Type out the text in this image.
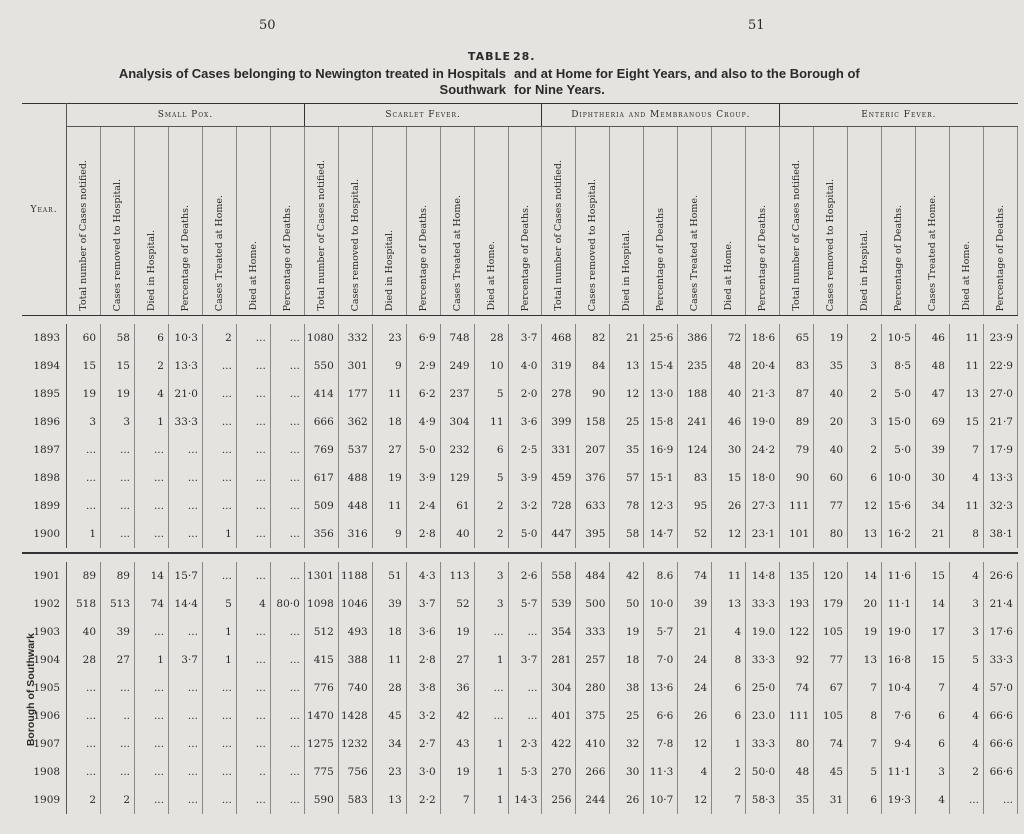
50	51
TABLE 28.
Analysis of Cases belonging to Newington treated in Hospitals
Southwark
and at Home for Eight Years, and also to the Borough of
for Nine Years.
Year.	Small Pox.							Scarlet Fever.							Diphtheria and Membranous Croup.							Enteric Fever.						
	Total number of Cases notified.	Cases removed to Hospital.	Died in Hospital.	Percentage of Deaths.	Cases Treated at Home.	Died at Home.	Percentage of Deaths.	Total number of Cases notified.	Cases removed to Hospital.	Died in Hospital.	Percentage of Deaths.	Cases Treated at Home.	Died at Home.	Percentage of Deaths.	Total number of Cases notified.	Cases removed to Hospital.	Died in Hospital.	Percentage of Deaths	Cases Treated at Home.	Died at Home.	Percentage of Deaths.	Total number of Cases notified.	Cases removed to Hospital.	Died in Hospital.	Percentage of Deaths.	Cases Treated at Home.	Died at Home.	Percentage of Deaths.

1893	60	58	6	10·3	2	...	...	1080	332	23	6·9	748	28	3·7	468	82	21	25·6	386	72	18·6	65	19	2	10·5	46	11	23·9
1894	15	15	2	13·3	...	...	...	550	301	9	2·9	249	10	4·0	319	84	13	15·4	235	48	20·4	83	35	3	8·5	48	11	22·9
1895	19	19	4	21·0	...	...	...	414	177	11	6·2	237	5	2·0	278	90	12	13·0	188	40	21·3	87	40	2	5·0	47	13	27·0
1896	3	3	1	33·3	...	...	...	666	362	18	4·9	304	11	3·6	399	158	25	15·8	241	46	19·0	89	20	3	15·0	69	15	21·7
1897	...	...	...	...	...	...	...	769	537	27	5·0	232	6	2·5	331	207	35	16·9	124	30	24·2	79	40	2	5·0	39	7	17·9
1898	...	...	...	...	...	...	...	617	488	19	3·9	129	5	3·9	459	376	57	15·1	83	15	18·0	90	60	6	10·0	30	4	13·3
1899	...	...	...	...	...	...	...	509	448	11	2·4	61	2	3·2	728	633	78	12·3	95	26	27·3	111	77	12	15·6	34	11	32·3
1900	1	...	...	...	1	...	...	356	316	9	2·8	40	2	5·0	447	395	58	14·7	52	12	23·1	101	80	13	16·2	21	8	38·1

1901	89	89	14	15·7	...	...	...	1301	1188	51	4·3	113	3	2·6	558	484	42	8.6	74	11	14·8	135	120	14	11·6	15	4	26·6
1902	518	513	74	14·4	5	4	80·0	1098	1046	39	3·7	52	3	5·7	539	500	50	10·0	39	13	33·3	193	179	20	11·1	14	3	21·4
1903	40	39	...	...	1	...	...	512	493	18	3·6	19	...	...	354	333	19	5·7	21	4	19.0	122	105	19	19·0	17	3	17·6
1904	28	27	1	3·7	1	...	...	415	388	11	2·8	27	1	3·7	281	257	18	7·0	24	8	33·3	92	77	13	16·8	15	5	33·3
1905	...	...	...	...	...	...	...	776	740	28	3·8	36	...	...	304	280	38	13·6	24	6	25·0	74	67	7	10·4	7	4	57·0
1906	...	..	...	...	...	...	...	1470	1428	45	3·2	42	...	...	401	375	25	6·6	26	6	23.0	111	105	8	7·6	6	4	66·6
1907	...	...	...	...	...	...	...	1275	1232	34	2·7	43	1	2·3	422	410	32	7·8	12	1	33·3	80	74	7	9·4	6	4	66·6
1908	...	...	...	...	...	..	...	775	756	23	3·0	19	1	5·3	270	266	30	11·3	4	2	50·0	48	45	5	11·1	3	2	66·6
1909	2	2	...	...	...	...	...	590	583	13	2·2	7	1	14·3	256	244	26	10·7	12	7	58·3	35	31	6	19·3	4	...	...
Borough of Southwark
